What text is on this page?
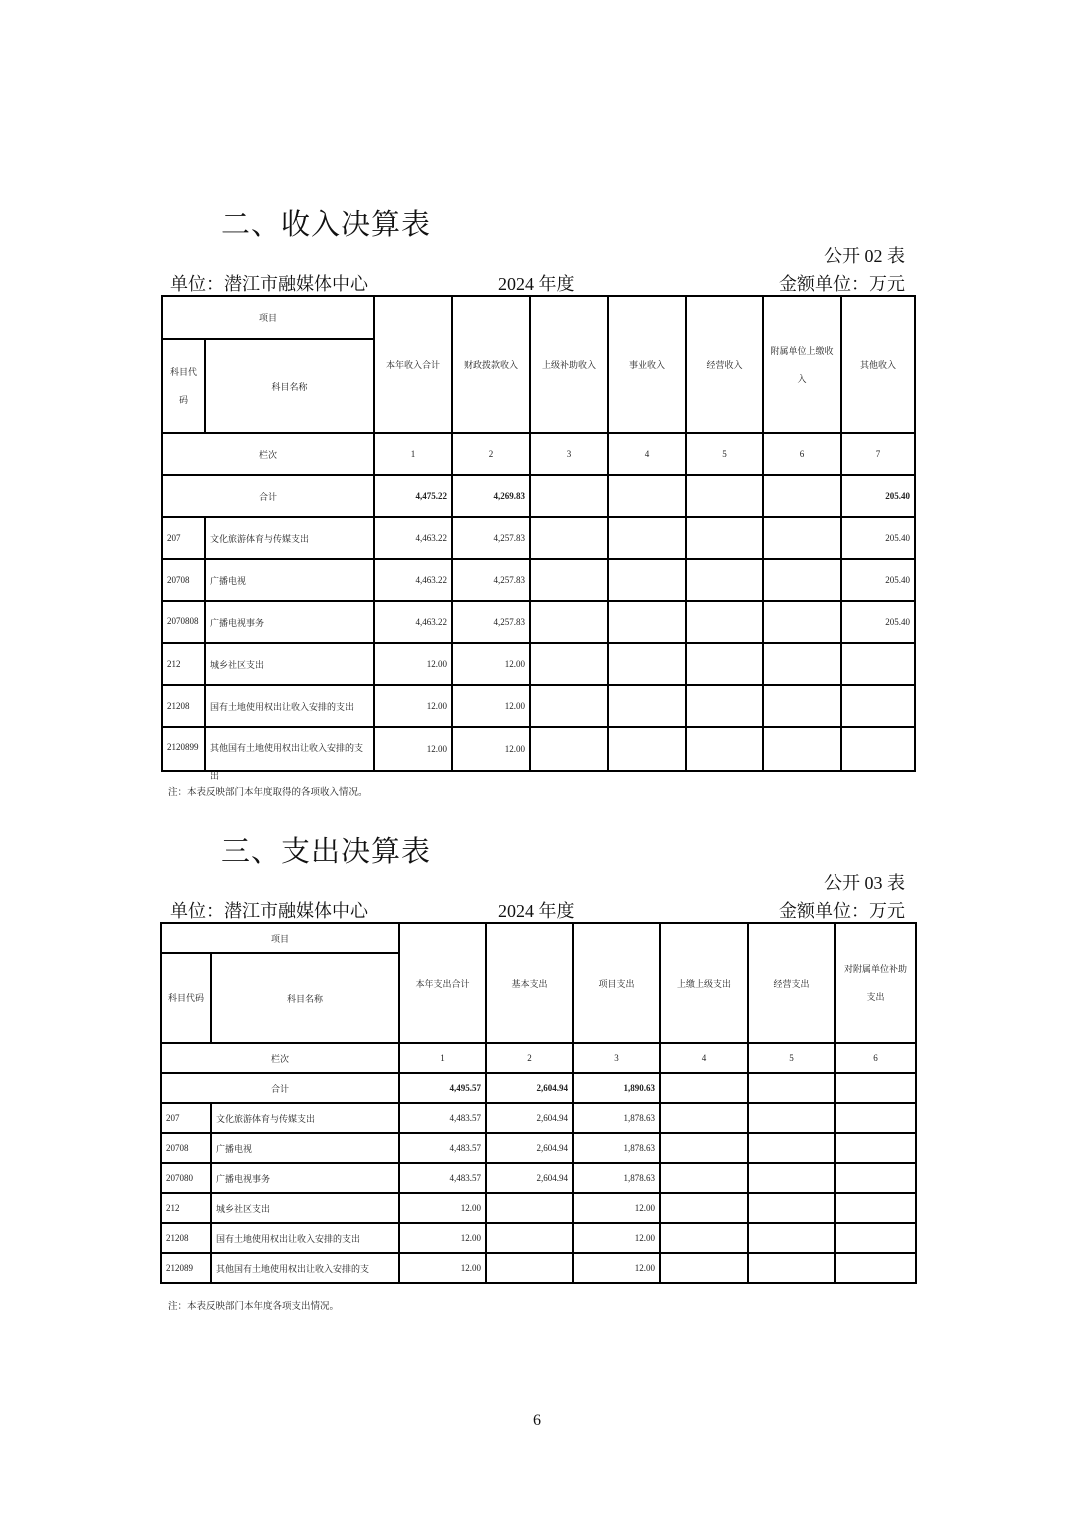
二、收入决算表
公开 02 表
单位：潜江市融媒体中心	2024 年度	金额单位：万元
项目		本年收入合计	财政拨款收入	上级补助收入	事业收入	经营收入	附属单位上缴收入	其他收入
科目代码	科目名称							
栏次		1	2	3	4	5	6	7
合计		4,475.22	4,269.83					205.40
207	文化旅游体育与传媒支出	4,463.22	4,257.83					205.40
20708	广播电视	4,463.22	4,257.83					205.40

2070808	广播电视事务	4,463.22	4,257.83					205.40
212	城乡社区支出	12.00	12.00					
21208	国有土地使用权出让收入安排的支出	12.00	12.00					

2120899	其他国有土地使用权出让收入安排的支出	12.00	12.00					
注：本表反映部门本年度取得的各项收入情况。
三、支出决算表
公开 03 表
单位：潜江市融媒体中心	2024 年度	金额单位：万元
项目		本年支出合计	基本支出	项目支出	上缴上级支出	经营支出	对附属单位补助支出
科目代码	科目名称						
栏次		1	2	3	4	5	6
合计		4,495.57	2,604.94	1,890.63			
207	文化旅游体育与传媒支出	4,483.57	2,604.94	1,878.63			
20708	广播电视	4,483.57	2,604.94	1,878.63			
207080	广播电视事务	4,483.57	2,604.94	1,878.63			
212	城乡社区支出	12.00		12.00			
21208	国有土地使用权出让收入安排的支出	12.00		12.00			
212089	其他国有土地使用权出让收入安排的支	12.00		12.00			
注：本表反映部门本年度各项支出情况。
6
